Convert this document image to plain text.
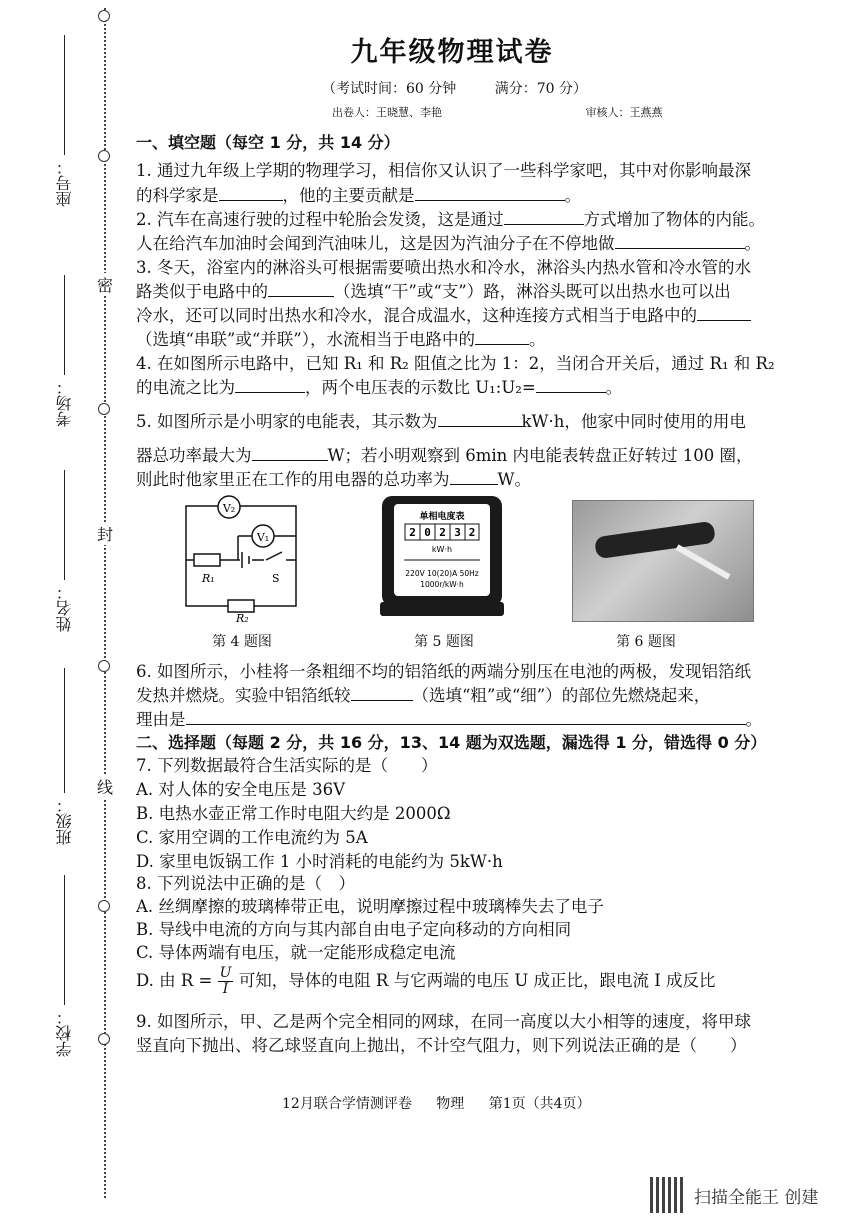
密
封
线
座号：
考场：
姓名：
班级：
学校：
九年级物理试卷
（考试时间：60 分钟	满分：70 分）
出卷人：王晓慧、李艳	审核人：王燕燕
一、填空题（每空 1 分，共 14 分）
1. 通过九年级上学期的物理学习，相信你又认识了一些科学家吧，其中对你影响最深
的科学家是	，他的主要贡献是	。
2. 汽车在高速行驶的过程中轮胎会发烫，这是通过	方式增加了物体的内能。
人在给汽车加油时会闻到汽油味儿，这是因为汽油分子在不停地做	。
3. 冬天，浴室内的淋浴头可根据需要喷出热水和冷水，淋浴头内热水管和冷水管的水
路类似于电路中的	（选填“干”或“支”）路，淋浴头既可以出热水也可以出
冷水，还可以同时出热水和冷水，混合成温水，这种连接方式相当于电路中的
（选填“串联”或“并联”），水流相当于电路中的	。
4. 在如图所示电路中，已知 R₁ 和 R₂ 阻值之比为 1：2，当闭合开关后，通过 R₁ 和 R₂
的电流之比为	，两个电压表的示数比 U₁:U₂=	。
5. 如图所示是小明家的电能表，其示数为	kW·h，他家中同时使用的用电
器总功率最大为	W；若小明观察到 6min 内电能表转盘正好转过 100 圈，
则此时他家里正在工作的用电器的总功率为	W。
V₂
V₁
R₁	S
R₂
单相电度表
2 0 2 3 2
kW·h
220V 10(20)A 50Hz
1000r/kW·h
第 4 题图	第 5 题图	第 6 题图
6. 如图所示，小桂将一条粗细不均的铝箔纸的两端分别压在电池的两极，发现铝箔纸
发热并燃烧。实验中铝箔纸较	（选填“粗”或“细”）的部位先燃烧起来，
理由是	。
二、选择题（每题 2 分，共 16 分，13、14 题为双选题，漏选得 1 分，错选得 0 分）
7. 下列数据最符合生活实际的是（　　）
A. 对人体的安全电压是 36V
B. 电热水壶正常工作时电阻大约是 2000Ω
C. 家用空调的工作电流约为 5A
D. 家里电饭锅工作 1 小时消耗的电能约为 5kW·h
8. 下列说法中正确的是（　）
A. 丝绸摩擦的玻璃棒带正电，说明摩擦过程中玻璃棒失去了电子
B. 导线中电流的方向与其内部自由电子定向移动的方向相同
C. 导体两端有电压，就一定能形成稳定电流
D. 由 $R = \frac{U}{I}$ 可知，导体的电阻 R 与它两端的电压 U 成正比，跟电流 I 成反比
9. 如图所示，甲、乙是两个完全相同的网球，在同一高度以大小相等的速度，将甲球
竖直向下抛出、将乙球竖直向上抛出，不计空气阻力，则下列说法正确的是（　　）
12月联合学情测评卷 物理 第1页（共4页）
扫描全能王 创建
